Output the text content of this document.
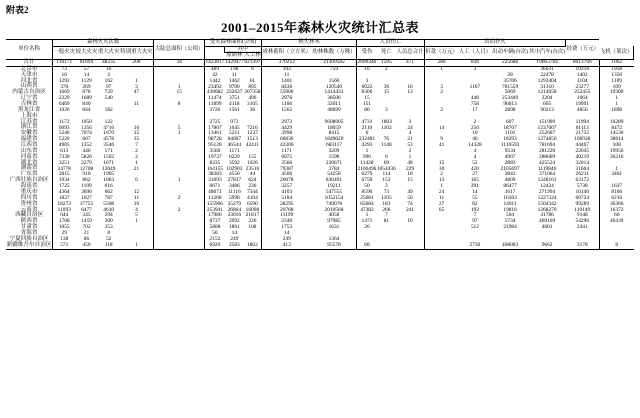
附表2
2001–2015年森林火灾统计汇总表
单位名称	森林火灾次数				大陆总面积（公顷）	受灾森林面积(公顷)			损失林木		人员伤亡			出动扑火				经费（万元）	
	一般火灾	较大火灾	重大火灾	特别重大火灾			其中		成林蓄积（立方米）	幼林株数（万株）	受伤	死亡	人员总合计	折款（万元）	人工（人日）	出动车辆(台次)	其中汽车(台次)		飞机（架次）
							原始林	人工林											
合计	116171	61694	48235	208	34	1423817	1429477	821397	370212	21309582	2600340	1595	471	286	838	225688	19663784	8613766	1062
北京市	73	57	16			489	198	6	193	759	16	2		1	3		36631	19318	1958
天津市	16	14	2			42	11		11							28	22478	1402	1356
河北省	1292	1129	162	1		1442	1462	61	1401	1566	3					35706	1293404	1104	1109
山西省	370	269	97	3	1	23492	9700	895	8436	120540	6022	36	16	3	1167	781559	31310	23277	109
内蒙古自治区	1669	878	729	47	15	438682	232637	207358	55900	1414433	8306	15	13	2		5069	1214658	252455	19309
辽宁省	2229	1689	540			11474	3751	496	2976	38506	15				448	253449	2204	1064	1
吉林省	6469	840		11	8	11899	4118	3105	1166	32011	151				758	96013	605	19091	1
黑龙江省	1026	844	182			3726	1561	36	1562	48699	86	3		2	17	2898	90213	4856	1896
上海市																			
江苏省	1172	1050	122			2725	972		2972	9608005	4731	1893	3		2	607	151909	11994	10289
浙江省	6093	1356	4716	16	5	17807	1645	7216	4429	18059	2110	1102	24	14	256	18707	1237007	61113	8472
安徽省	5246	7074	1670	15	1	13461	5211	1237	3998	8415	6		4		10	1101	252607	21733	14530
福建省	5220	607	4578	35		98728	64007	1513	60836	1849020	232481	76	21	9	46	18293	1274850	100928	38814
江西省	4905	1352	3546	7		95128	46544	42411	42306	683117	4293	1148	53	41	14328	1116593	781694	44467	108
山东省	613	440	171	2		3560	1171		1171	3209	1		2		4	9534	281220	22645	19956
河南省	7330	5826	1502	2		19737	6229	155	6075	1598	996	6	1		4	4907	288609	40219	36216
湖北省	3251	2279	1071	1		8235	3592	1026	2566	230671	11428	69	48	15	52	2883	425534	32014	
湖南省	24778	12708	12049	21		164155	102903	23516	79387	3784	2106496	1054436	229	30	420	2105697	1119846	31604	1
广东省	2815	910	1905			38383	4550	44	4506	54258	6279	114	18	2	27	3843	371064	26211	3461
广西壮族自治区	1934	862	1063	6	1	31093	27837	624	26078	830491	6759	153	15	13	165	4809	1248161	63172	
海南省	1725	1109	616			6671	3486	236	3257	19211	50	3		1	291	86477	12424	5738	1637
重庆市	4364	3690	662	12		48071	11116	7344	4103	547555	8590	73	49	24	14	1617	271994	16140	8166
四川省	1827	1027	787	11	2	11268	5998	4104	5184	1052154	25681	1105	56	11	55	16363	1227324	60724	6216
贵州省	18273	17755	5508	10		155966	35279	6590	28295	749078	65684	183	74	27	82	14011	1504342	99289	36366
云南省	11093	6477	4610	4	2	253941	26864	16098	20768	2010568	47382	266	241	65	192	19816	1268270	110149	16372
西藏自治区	644	345	294	5		17986	33016	21817	11199	4058	1	7			7	504	41786	9148	66
陕西省	1708	1459	300	1		8737	2992	226	2340	97985	1471	81	10		97	5734	469169	54296	46439
甘肃省	1055	702	353			5808	1861	108	1753	1631	26				512	21984	4601	2441	
青海省	29	21	8			56	14		14										
宁夏回族自治区	138	86	52			2152	249		249	1364									
新疆维吾尔自治区	571	450	118	1		6920	2583	1802	413	95578	68				2730	408003	9662	3178	8
